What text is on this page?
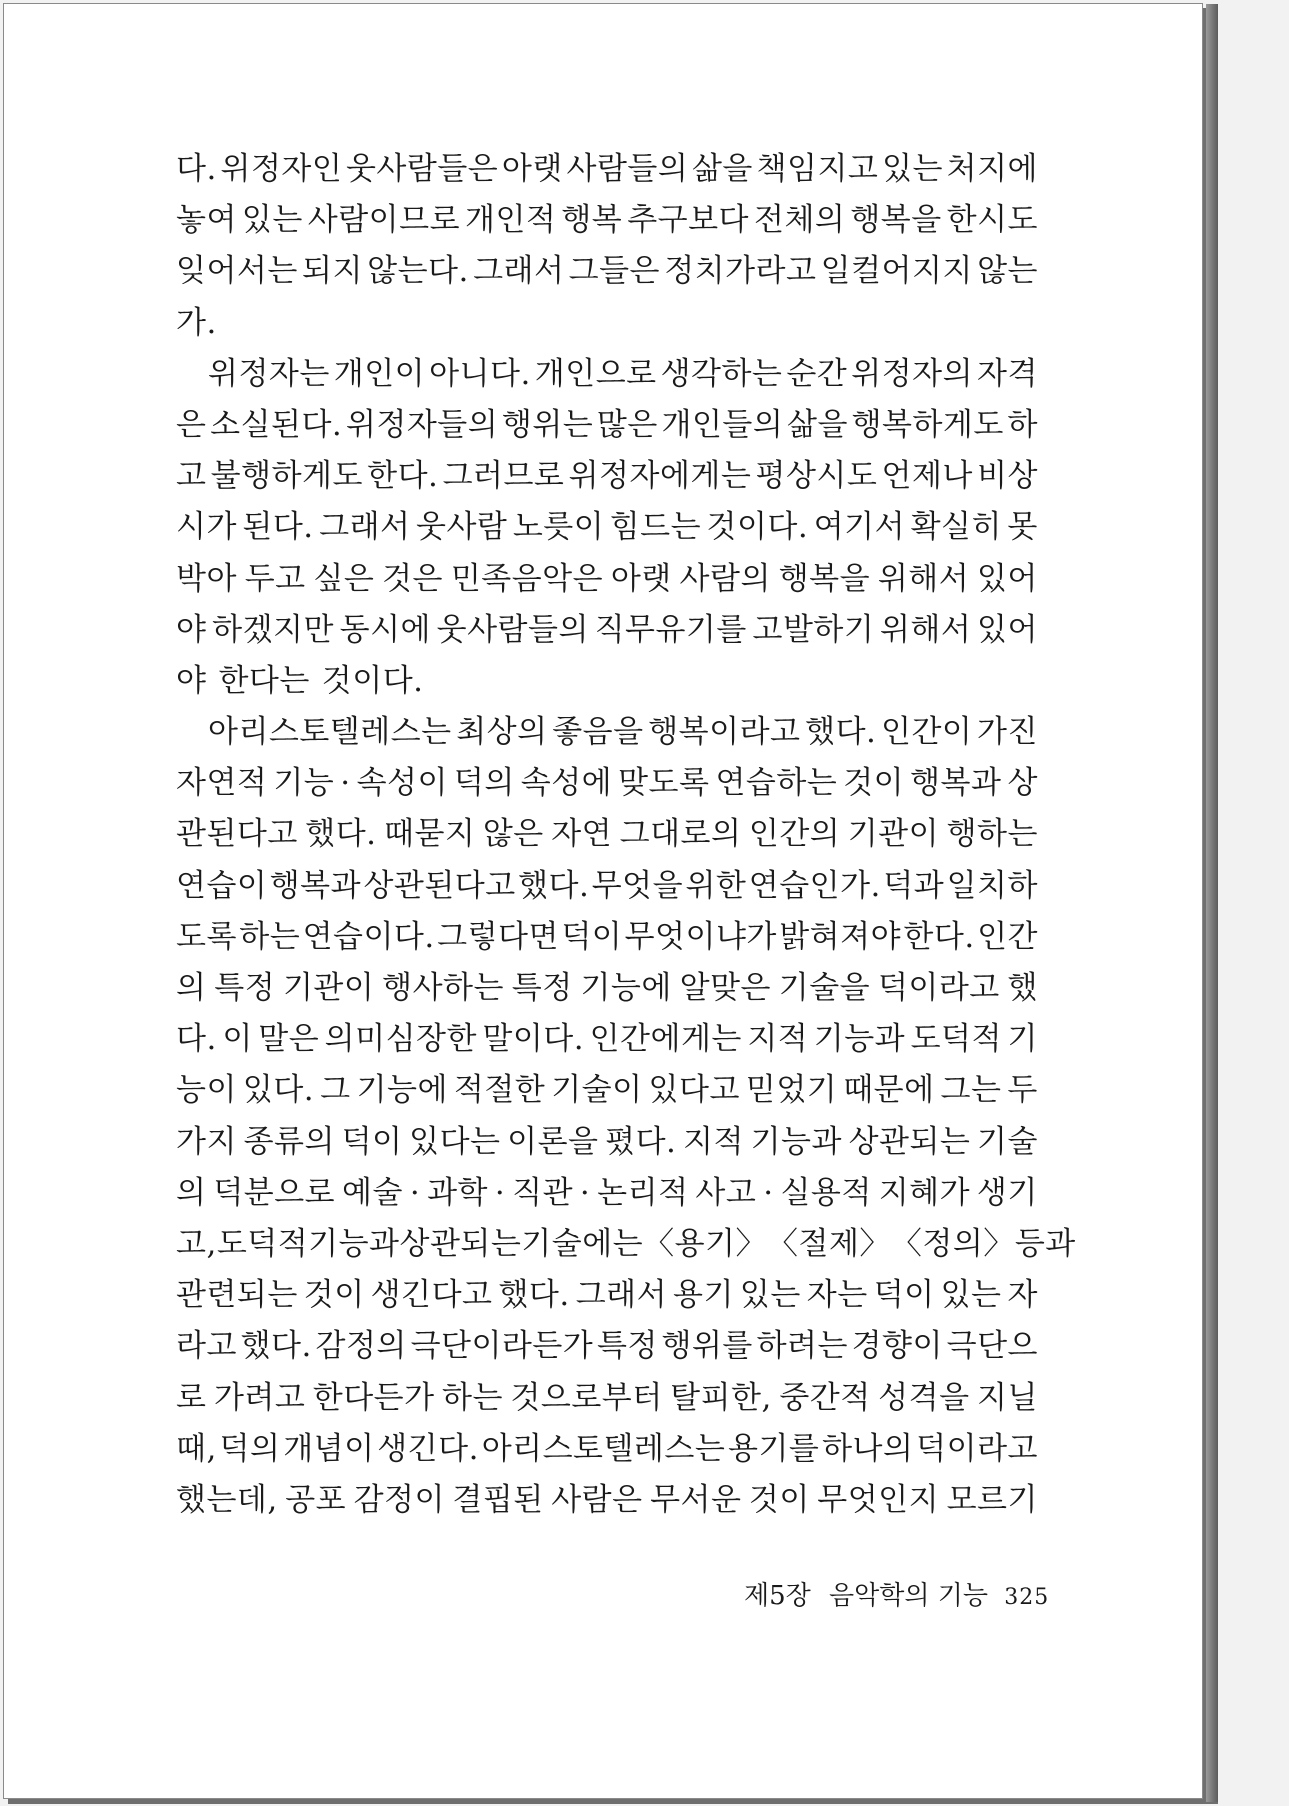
다. 위정자인 웃사람들은 아랫 사람들의 삶을 책임지고 있는 처지에
놓여 있는 사람이므로 개인적 행복 추구보다 전체의 행복을 한시도
잊어서는 되지 않는다. 그래서 그들은 정치가라고 일컬어지지 않는
가.
위정자는 개인이 아니다. 개인으로 생각하는 순간 위정자의 자격
은 소실된다. 위정자들의 행위는 많은 개인들의 삶을 행복하게도 하
고 불행하게도 한다. 그러므로 위정자에게는 평상시도 언제나 비상
시가 된다. 그래서 웃사람 노릇이 힘드는 것이다. 여기서 확실히 못
박아 두고 싶은 것은 민족음악은 아랫 사람의 행복을 위해서 있어
야 하겠지만 동시에 웃사람들의 직무유기를 고발하기 위해서 있어
야 한다는 것이다.
아리스토텔레스는 최상의 좋음을 행복이라고 했다. 인간이 가진
자연적 기능 · 속성이 덕의 속성에 맞도록 연습하는 것이 행복과 상
관된다고 했다. 때묻지 않은 자연 그대로의 인간의 기관이 행하는
연습이 행복과 상관된다고 했다. 무엇을 위한 연습인가. 덕과 일치하
도록 하는 연습이다. 그렇다면 덕이 무엇이냐가 밝혀져야 한다. 인간
의 특정 기관이 행사하는 특정 기능에 알맞은 기술을 덕이라고 했
다. 이 말은 의미심장한 말이다. 인간에게는 지적 기능과 도덕적 기
능이 있다. 그 기능에 적절한 기술이 있다고 믿었기 때문에 그는 두
가지 종류의 덕이 있다는 이론을 폈다. 지적 기능과 상관되는 기술
의 덕분으로 예술 · 과학 · 직관 · 논리적 사고 · 실용적 지혜가 생기
고, 도덕적 기능과 상관되는 기술에는 〈용기〉 〈절제〉 〈정의〉 등과
관련되는 것이 생긴다고 했다. 그래서 용기 있는 자는 덕이 있는 자
라고 했다. 감정의 극단이라든가 특정 행위를 하려는 경향이 극단으
로 가려고 한다든가 하는 것으로부터 탈피한, 중간적 성격을 지닐
때, 덕의 개념이 생긴다. 아리스토텔레스는 용기를 하나의 덕이라고
했는데, 공포 감정이 결핍된 사람은 무서운 것이 무엇인지 모르기
제5장 음악학의 기능 325
